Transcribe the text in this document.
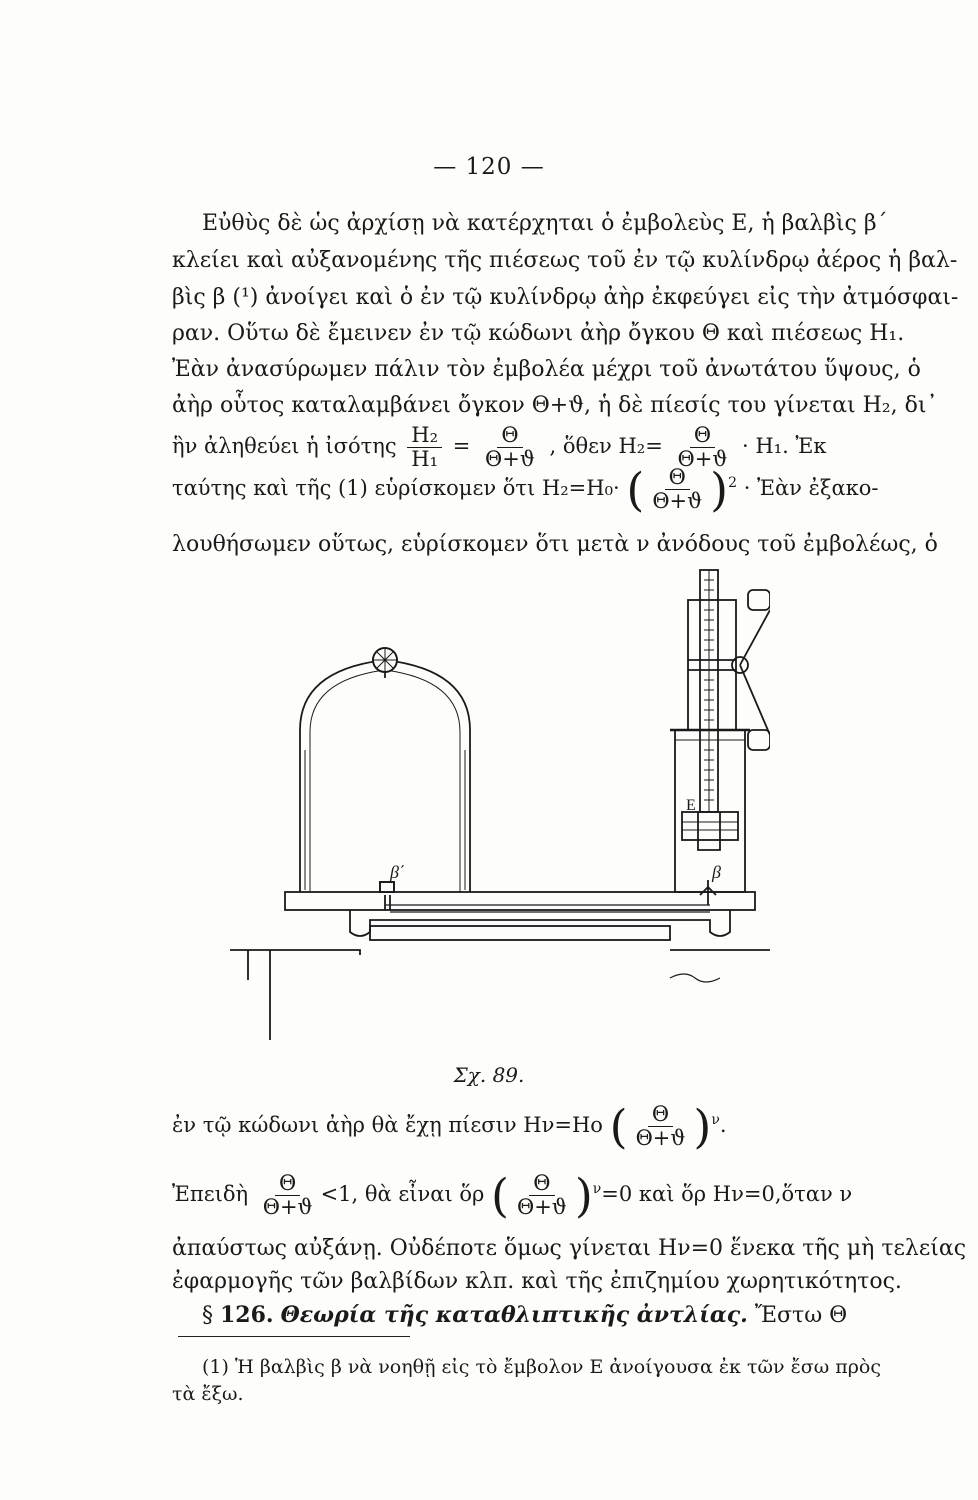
— 120 —
Εὐθὺς δὲ ὡς ἀρχίσῃ νὰ κατέρχηται ὁ ἐμβολεὺς Ε, ἡ βαλβὶς β΄
κλείει καὶ αὐξανομένης τῆς πιέσεως τοῦ ἐν τῷ κυλίνδρῳ ἀέρος ἡ βαλ-
βὶς β (¹) ἀνοίγει καὶ ὁ ἐν τῷ κυλίνδρῳ ἀὴρ ἐκφεύγει εἰς τὴν ἀτμόσφαι-
ραν. Οὕτω δὲ ἔμεινεν ἐν τῷ κώδωνι ἀὴρ ὄγκου Θ καὶ πιέσεως Η₁.
Ἐὰν ἀνασύρωμεν πάλιν τὸν ἐμβολέα μέχρι τοῦ ἀνωτάτου ὕψους, ὁ
ἀὴρ οὗτος καταλαμβάνει ὄγκον Θ+ϑ, ἡ δὲ πίεσίς του γίνεται Η₂, δι᾽
ἣν ἀληθεύει ἡ ἰσότης $\frac{\text{Η₂}}{\text{Η₁}} = \frac{\Theta}{\Theta+ϑ}$ , ὅθεν $H_2= \frac{\Theta}{\Theta+ϑ} \cdot H_1$. Ἐκ
ταύτης καὶ τῆς (1) εὑρίσκομεν ὅτι Η₂=Η₀· ( $\frac{\Theta}{\Theta+ϑ} )^2$ · Ἐὰν ἐξακο-
λουθήσωμεν οὕτως, εὑρίσκομεν ὅτι μετὰ ν ἀνόδους τοῦ ἐμβολέως, ὁ
E
β΄	β
Σχ. 89.
ἐν τῷ κώδωνι ἀὴρ θὰ ἔχῃ πίεσιν Ην=Ηο ( $\frac{\Theta}{\Theta+ϑ} )^\nu$.
Ἐπειδὴ $\frac{\Theta}{\Theta+ϑ} <1$, θὰ εἶναι ὅρ ( $\frac{\Theta}{\Theta+ϑ} )^\nu=0$ καὶ ὅρ Ην=0,ὅταν ν
ἀπαύστως αὐξάνῃ. Οὐδέποτε ὅμως γίνεται Ην=0 ἕνεκα τῆς μὴ τελείας
ἐφαρμογῆς τῶν βαλβίδων κλπ. καὶ τῆς ἐπιζημίου χωρητικότητος.
§ 126. Θεωρία τῆς καταθλιπτικῆς ἀντλίας. Ἔστω Θ
(1) Ἡ βαλβὶς β νὰ νοηθῇ εἰς τὸ ἔμβολον Ε ἀνοίγουσα ἐκ τῶν ἔσω πρὸς
τὰ ἔξω.
